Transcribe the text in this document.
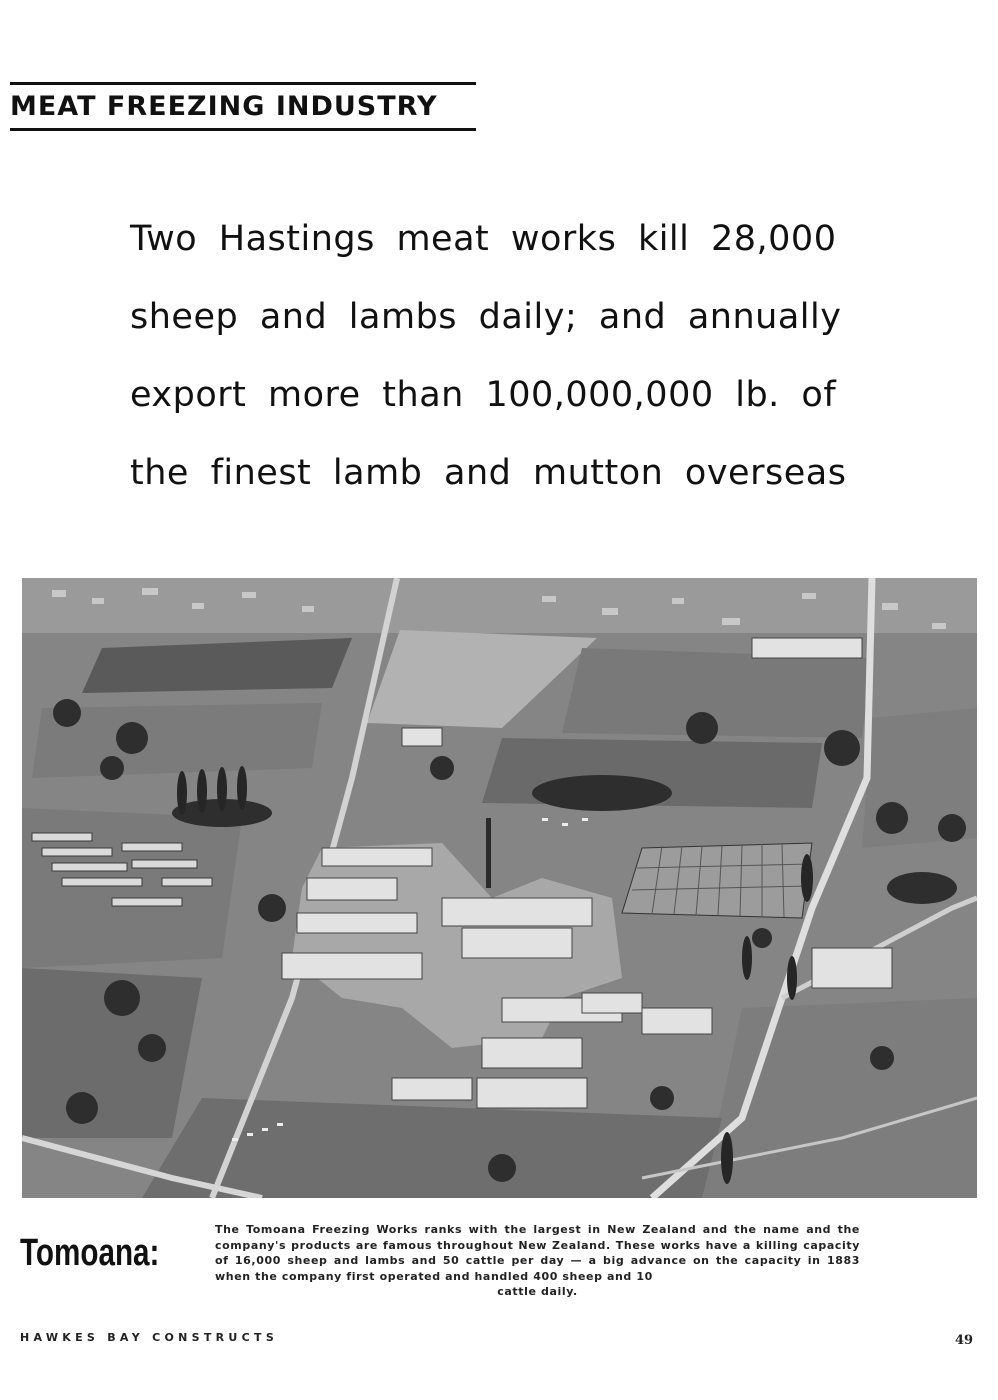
MEAT FREEZING INDUSTRY
Two Hastings meat works kill 28,000
sheep and lambs daily; and annually
export more than 100,000,000 lb. of
the finest lamb and mutton overseas
Tomoana:
The Tomoana Freezing Works ranks with the largest in New Zealand and the name and the company's products are famous throughout New Zealand. These works have a killing capacity of 16,000 sheep and lambs and 50 cattle per day — a big advance on the capacity in 1883 when the company first operated and handled 400 sheep and 10
cattle daily.
HAWKES BAY CONSTRUCTS	49
